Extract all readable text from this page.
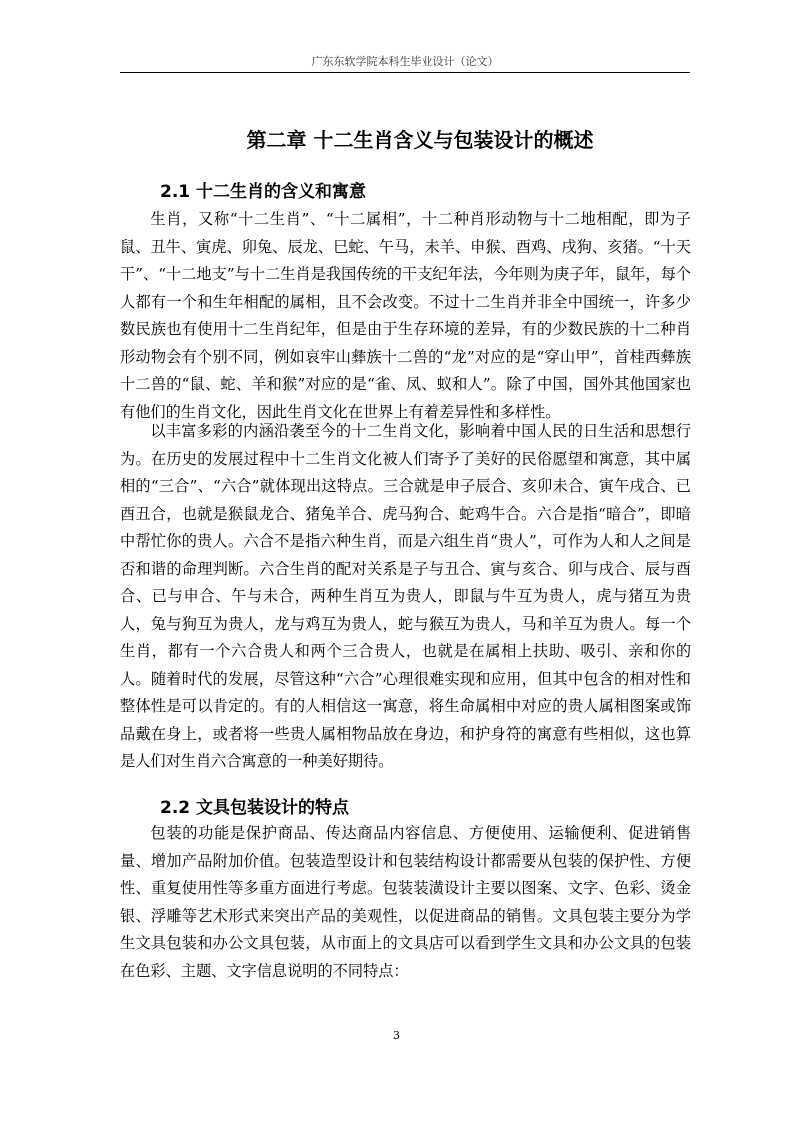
广东东软学院本科生毕业设计（论文）
第二章 十二生肖含义与包装设计的概述
2.1 十二生肖的含义和寓意

生肖，又称“十二生肖”、“十二属相”，十二种肖形动物与十二地相配，即为子鼠、丑牛、寅虎、卯兔、辰龙、巳蛇、午马，未羊、申猴、酉鸡、戌狗、亥猪。“十天干”、“十二地支”与十二生肖是我国传统的干支纪年法，今年则为庚子年，鼠年，每个人都有一个和生年相配的属相，且不会改变。不过十二生肖并非全中国统一，许多少数民族也有使用十二生肖纪年，但是由于生存环境的差异，有的少数民族的十二种肖形动物会有个别不同，例如哀牢山彝族十二兽的“龙”对应的是“穿山甲”，首桂西彝族十二兽的“鼠、蛇、羊和猴”对应的是“雀、凤、蚁和人”。除了中国，国外其他国家也有他们的生肖文化，因此生肖文化在世界上有着差异性和多样性。

以丰富多彩的内涵沿袭至今的十二生肖文化，影响着中国人民的日生活和思想行为。在历史的发展过程中十二生肖文化被人们寄予了美好的民俗愿望和寓意，其中属相的“三合”、“六合”就体现出这特点。三合就是申子辰合、亥卯未合、寅午戌合、已酉丑合，也就是猴鼠龙合、猪兔羊合、虎马狗合、蛇鸡牛合。六合是指“暗合”，即暗中帮忙你的贵人。六合不是指六种生肖，而是六组生肖“贵人”，可作为人和人之间是否和谐的命理判断。六合生肖的配对关系是子与丑合、寅与亥合、卯与戌合、辰与酉合、已与申合、午与未合，两种生肖互为贵人，即鼠与牛互为贵人，虎与猪互为贵人，兔与狗互为贵人，龙与鸡互为贵人，蛇与猴互为贵人，马和羊互为贵人。每一个生肖，都有一个六合贵人和两个三合贵人，也就是在属相上扶助、吸引、亲和你的人。随着时代的发展，尽管这种“六合”心理很难实现和应用，但其中包含的相对性和整体性是可以肯定的。有的人相信这一寓意，将生命属相中对应的贵人属相图案或饰品戴在身上，或者将一些贵人属相物品放在身边，和护身符的寓意有些相似，这也算是人们对生肖六合寓意的一种美好期待。

2.2 文具包装设计的特点

包装的功能是保护商品、传达商品内容信息、方便使用、运输便利、促进销售量、增加产品附加价值。包装造型设计和包装结构设计都需要从包装的保护性、方便性、重复使用性等多重方面进行考虑。包装装潢设计主要以图案、文字、色彩、烫金银、浮雕等艺术形式来突出产品的美观性，以促进商品的销售。文具包装主要分为学生文具包装和办公文具包装，从市面上的文具店可以看到学生文具和办公文具的包装在色彩、主题、文字信息说明的不同特点：

3
